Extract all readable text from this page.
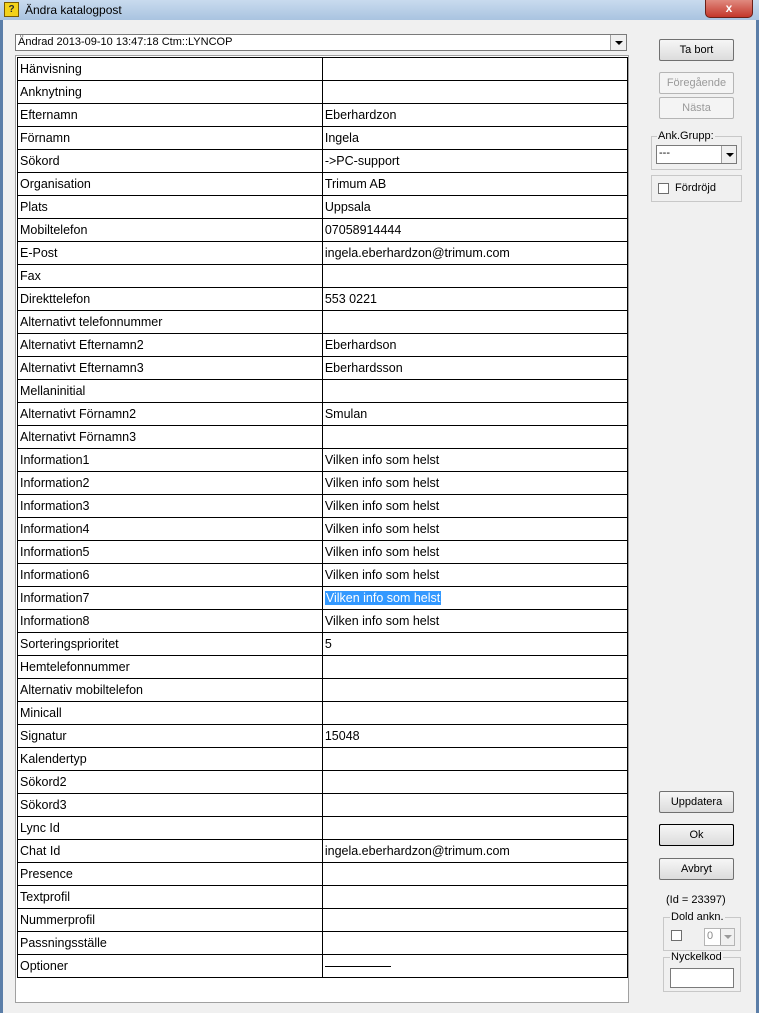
? Ändra katalogpost	x
Ändrad 2013-09-10 13:47:18 Ctm::LYNCOP
Hänvisning	
Anknytning	
Efternamn	Eberhardzon
Förnamn	Ingela
Sökord	->PC-support
Organisation	Trimum AB
Plats	Uppsala
Mobiltelefon	07058914444
E-Post	ingela.eberhardzon@trimum.com
Fax	
Direkttelefon	553 0221
Alternativt telefonnummer	
Alternativt Efternamn2	Eberhardson
Alternativt Efternamn3	Eberhardsson
Mellaninitial	
Alternativt Förnamn2	Smulan
Alternativt Förnamn3	
Information1	Vilken info som helst
Information2	Vilken info som helst
Information3	Vilken info som helst
Information4	Vilken info som helst
Information5	Vilken info som helst
Information6	Vilken info som helst
Information7	Vilken info som helst
Information8	Vilken info som helst
Sorteringsprioritet	5
Hemtelefonnummer	
Alternativ mobiltelefon	
Minicall	
Signatur	15048
Kalendertyp	
Sökord2	
Sökord3	
Lync Id	
Chat Id	ingela.eberhardzon@trimum.com
Presence	
Textprofil	
Nummerprofil	
Passningsställe	
Optioner	
Ta bort
Föregående
Nästa
Ank.Grupp:
---
Fördröjd
Uppdatera
Ok
Avbryt
(Id = 23397)
Dold ankn.
0
Nyckelkod
